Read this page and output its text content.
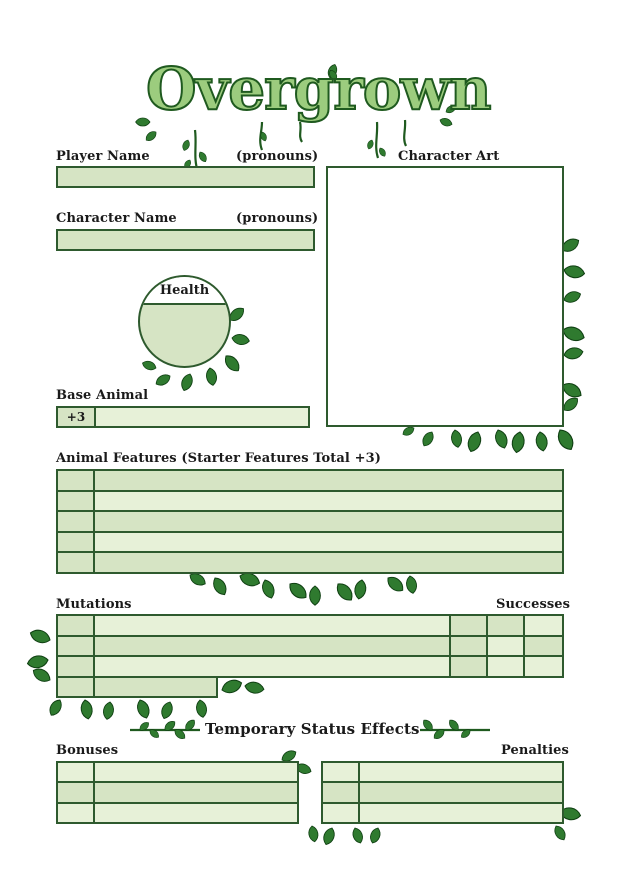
Overgrown
Player Name	(pronouns)
Character Name	(pronouns)
Character Art
Health
Base Animal
+3
Animal Features (Starter Features Total +3)
Mutations	Successes
Temporary Status Effects
Bonuses	Penalties
